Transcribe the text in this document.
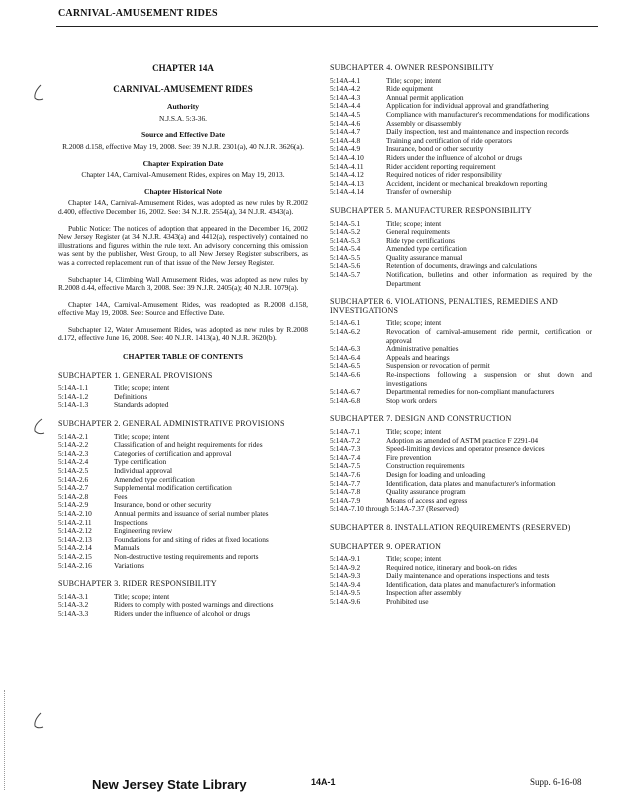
CARNIVAL-AMUSEMENT RIDES
CHAPTER 14A
CARNIVAL-AMUSEMENT RIDES
Authority
N.J.S.A. 5:3-36.
Source and Effective Date
R.2008 d.158, effective May 19, 2008. See: 39 N.J.R. 2301(a), 40 N.J.R. 3626(a).
Chapter Expiration Date
Chapter 14A, Carnival-Amusement Rides, expires on May 19, 2013.
Chapter Historical Note
Chapter 14A, Carnival-Amusement Rides, was adopted as new rules by R.2002 d.400, effective December 16, 2002. See: 34 N.J.R. 2554(a), 34 N.J.R. 4343(a).
Public Notice: The notices of adoption that appeared in the December 16, 2002 New Jersey Register (at 34 N.J.R. 4343(a) and 4412(a), respectively) contained no illustrations and figures within the rule text. An advisory concerning this omission was sent by the publisher, West Group, to all New Jersey Register subscribers, as was a corrected replacement run of that issue of the New Jersey Register.
Subchapter 14, Climbing Wall Amusement Rides, was adopted as new rules by R.2008 d.44, effective March 3, 2008. See: 39 N.J.R. 2405(a); 40 N.J.R. 1079(a).
Chapter 14A, Carnival-Amusement Rides, was readopted as R.2008 d.158, effective May 19, 2008. See: Source and Effective Date.
Subchapter 12, Water Amusement Rides, was adopted as new rules by R.2008 d.172, effective June 16, 2008. See: 40 N.J.R. 1413(a), 40 N.J.R. 3620(b).
CHAPTER TABLE OF CONTENTS
SUBCHAPTER 1. GENERAL PROVISIONS
5:14A-1.1	Title; scope; intent
5:14A-1.2	Definitions
5:14A-1.3	Standards adopted
SUBCHAPTER 2. GENERAL ADMINISTRATIVE PROVISIONS
5:14A-2.1	Title; scope; intent
5:14A-2.2	Classification of and height requirements for rides
5:14A-2.3	Categories of certification and approval
5:14A-2.4	Type certification
5:14A-2.5	Individual approval
5:14A-2.6	Amended type certification
5:14A-2.7	Supplemental modification certification
5:14A-2.8	Fees
5:14A-2.9	Insurance, bond or other security
5:14A-2.10	Annual permits and issuance of serial number plates
5:14A-2.11	Inspections
5:14A-2.12	Engineering review
5:14A-2.13	Foundations for and siting of rides at fixed locations
5:14A-2.14	Manuals
5:14A-2.15	Non-destructive testing requirements and reports
5:14A-2.16	Variations
SUBCHAPTER 3. RIDER RESPONSIBILITY
5:14A-3.1	Title; scope; intent
5:14A-3.2	Riders to comply with posted warnings and directions
5:14A-3.3	Riders under the influence of alcohol or drugs
SUBCHAPTER 4. OWNER RESPONSIBILITY
5:14A-4.1	Title; scope; intent
5:14A-4.2	Ride equipment
5:14A-4.3	Annual permit application
5:14A-4.4	Application for individual approval and grandfathering
5:14A-4.5	Compliance with manufacturer's recommendations for modifications
5:14A-4.6	Assembly or disassembly
5:14A-4.7	Daily inspection, test and maintenance and inspection records
5:14A-4.8	Training and certification of ride operators
5:14A-4.9	Insurance, bond or other security
5:14A-4.10	Riders under the influence of alcohol or drugs
5:14A-4.11	Rider accident reporting requirement
5:14A-4.12	Required notices of rider responsibility
5:14A-4.13	Accident, incident or mechanical breakdown reporting
5:14A-4.14	Transfer of ownership
SUBCHAPTER 5. MANUFACTURER RESPONSIBILITY
5:14A-5.1	Title; scope; intent
5:14A-5.2	General requirements
5:14A-5.3	Ride type certifications
5:14A-5.4	Amended type certification
5:14A-5.5	Quality assurance manual
5:14A-5.6	Retention of documents, drawings and calculations
5:14A-5.7	Notification, bulletins and other information as required by the Department
SUBCHAPTER 6. VIOLATIONS, PENALTIES, REMEDIES AND INVESTIGATIONS
5:14A-6.1	Title; scope; intent
5:14A-6.2	Revocation of carnival-amusement ride permit, certification or approval
5:14A-6.3	Administrative penalties
5:14A-6.4	Appeals and hearings
5:14A-6.5	Suspension or revocation of permit
5:14A-6.6	Re-inspections following a suspension or shut down and investigations
5:14A-6.7	Departmental remedies for non-compliant manufacturers
5:14A-6.8	Stop work orders
SUBCHAPTER 7. DESIGN AND CONSTRUCTION
5:14A-7.1	Title; scope; intent
5:14A-7.2	Adoption as amended of ASTM practice F 2291-04
5:14A-7.3	Speed-limiting devices and operator presence devices
5:14A-7.4	Fire prevention
5:14A-7.5	Construction requirements
5:14A-7.6	Design for loading and unloading
5:14A-7.7	Identification, data plates and manufacturer's information
5:14A-7.8	Quality assurance program
5:14A-7.9	Means of access and egress
5:14A-7.10 through 5:14A-7.37 (Reserved)
SUBCHAPTER 8. INSTALLATION REQUIREMENTS (RESERVED)
SUBCHAPTER 9. OPERATION
5:14A-9.1	Title; scope; intent
5:14A-9.2	Required notice, itinerary and book-on rides
5:14A-9.3	Daily maintenance and operations inspections and tests
5:14A-9.4	Identification, data plates and manufacturer's information
5:14A-9.5	Inspection after assembly
5:14A-9.6	Prohibited use
New Jersey State Library	14A-1	Supp. 6-16-08
